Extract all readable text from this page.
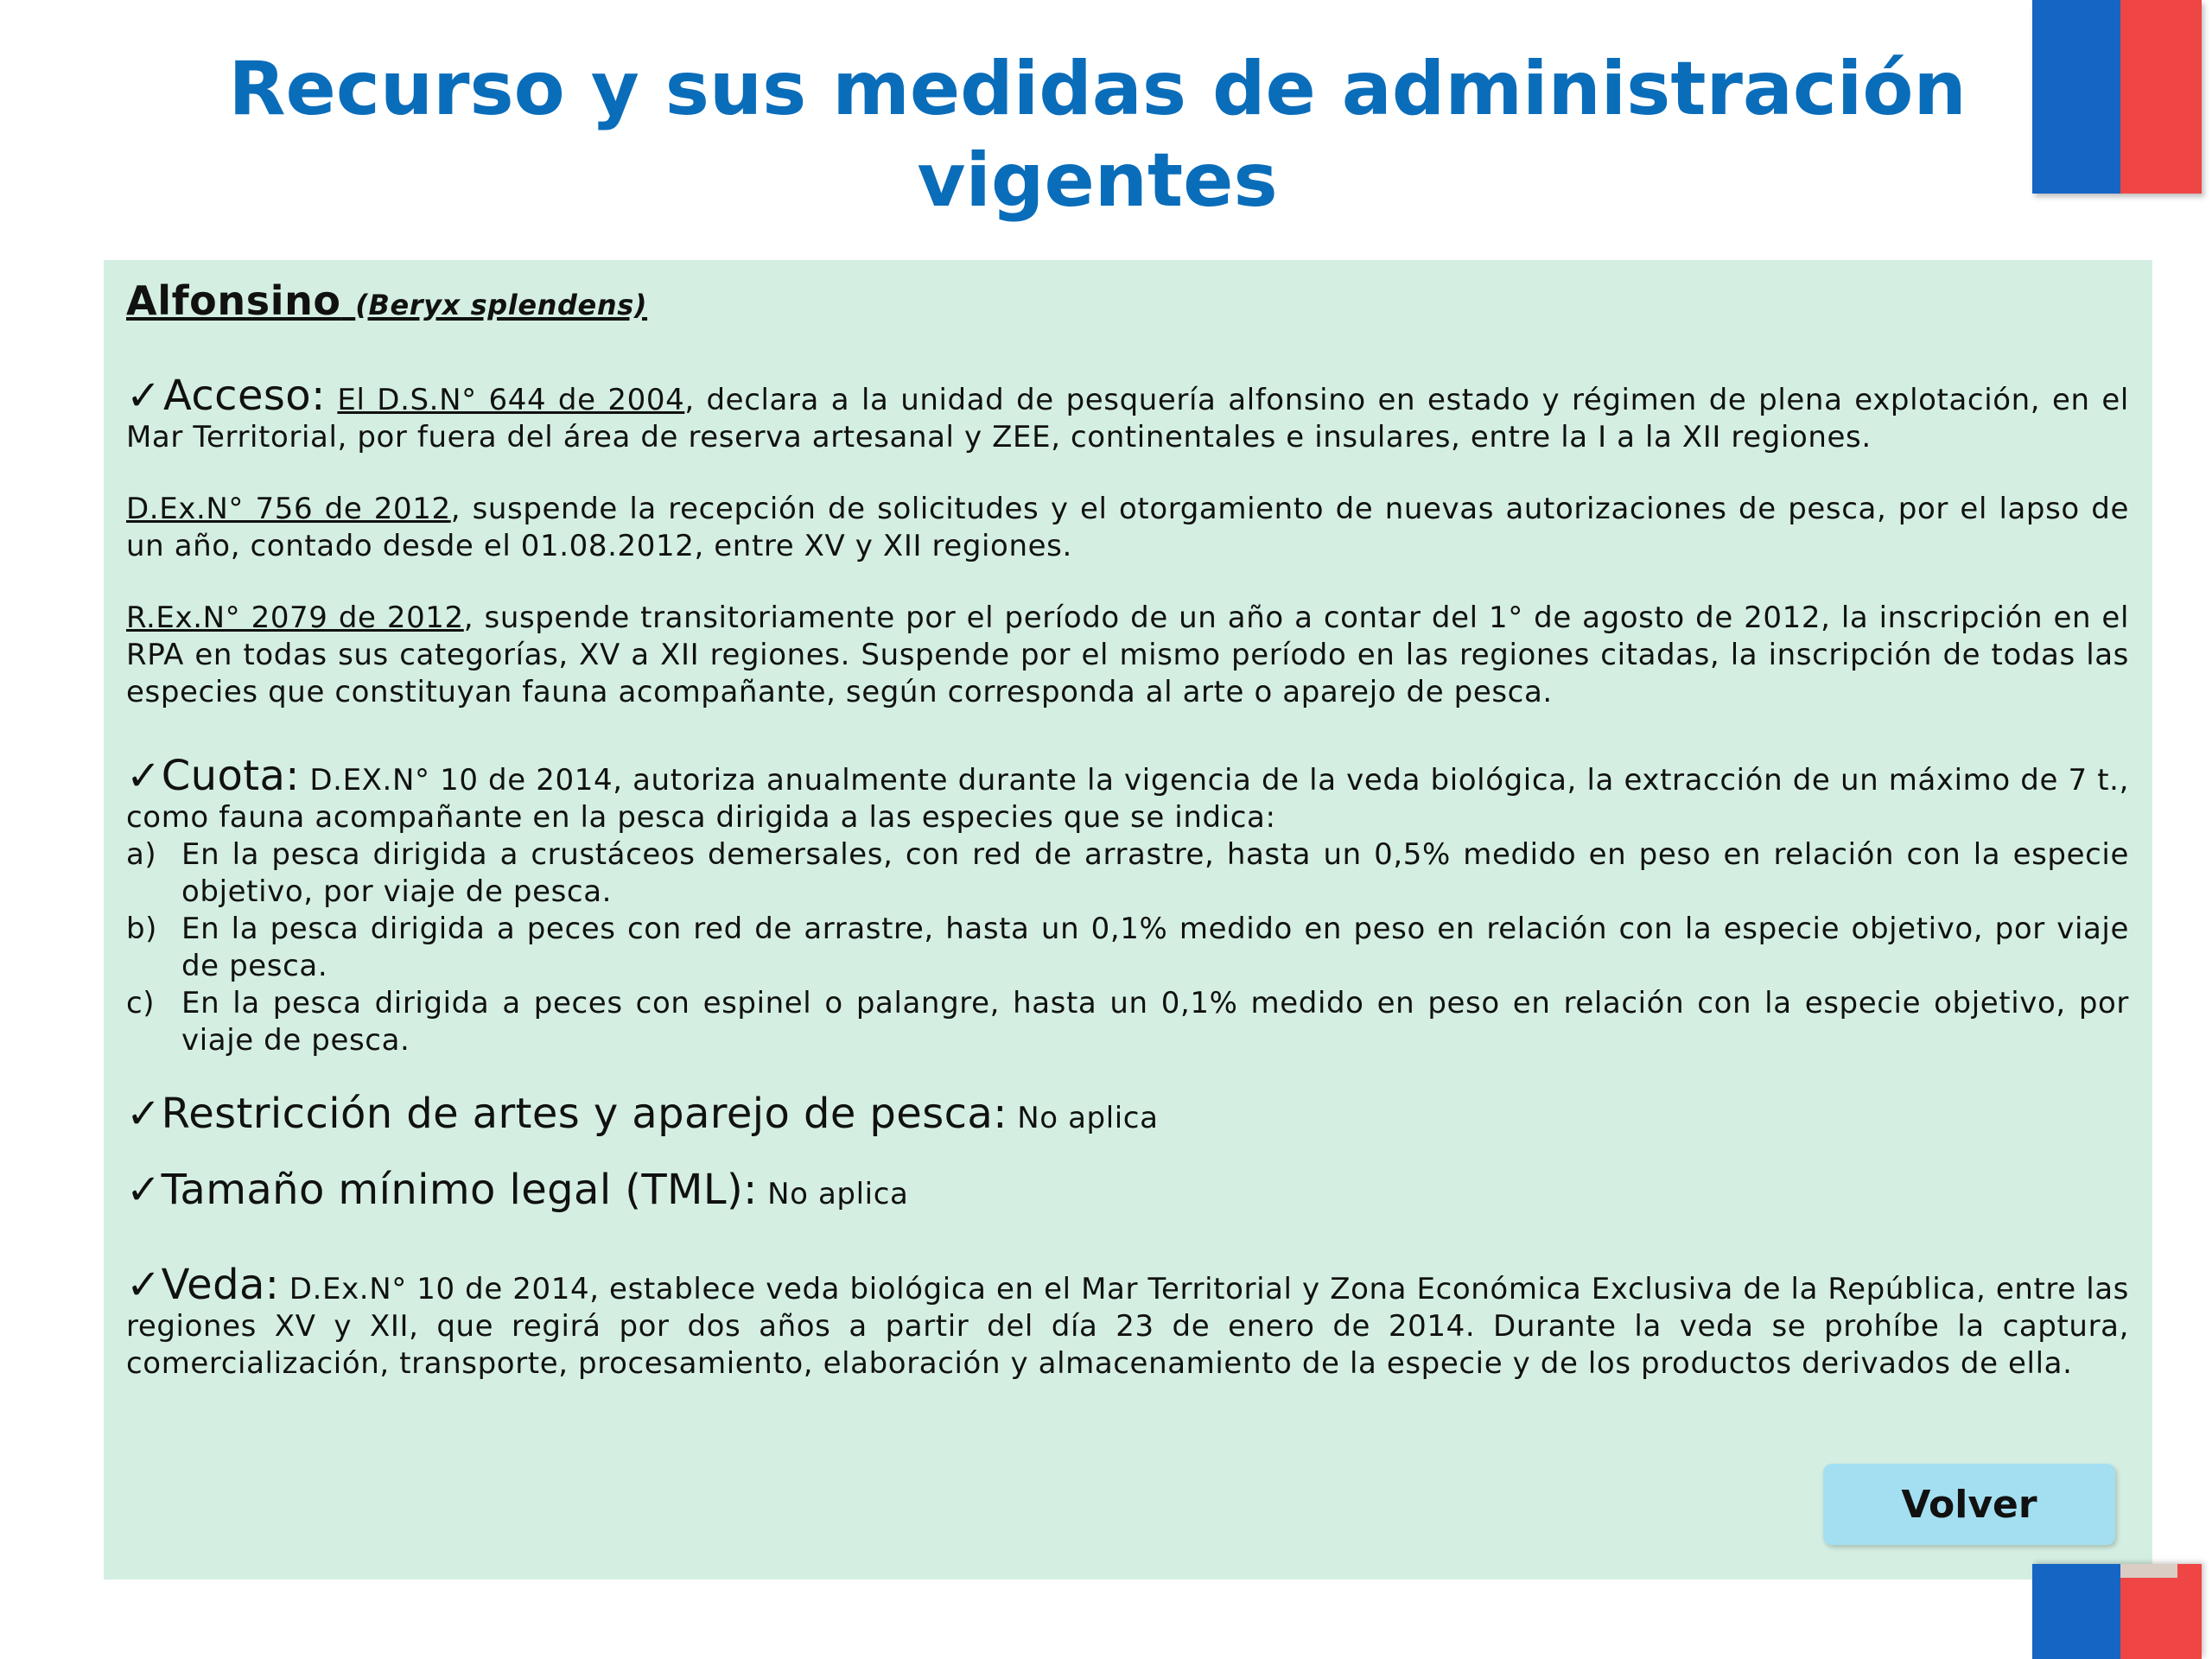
Recurso y sus medidas de administración
vigentes
Alfonsino (Beryx splendens)

✓Acceso: El D.S.N° 644 de 2004, declara a la unidad de pesquería alfonsino en estado y régimen de plena explotación, en el Mar Territorial, por fuera del área de reserva artesanal y ZEE, continentales e insulares, entre la I a la XII regiones.

D.Ex.N° 756 de 2012, suspende la recepción de solicitudes y el otorgamiento de nuevas autorizaciones de pesca, por el lapso de un año, contado desde el 01.08.2012, entre XV y XII regiones.

R.Ex.N° 2079 de 2012, suspende transitoriamente por el período de un año a contar del 1° de agosto de 2012, la inscripción en el RPA en todas sus categorías, XV a XII regiones. Suspende por el mismo período en las regiones citadas, la inscripción de todas las especies que constituyan fauna acompañante, según corresponda al arte o aparejo de pesca.

✓Cuota: D.EX.N° 10 de 2014, autoriza anualmente durante la vigencia de la veda biológica, la extracción de un máximo de 7 t., como fauna acompañante en la pesca dirigida a las especies que se indica:

a) En la pesca dirigida a crustáceos demersales, con red de arrastre, hasta un 0,5% medido en peso en relación con la especie objetivo, por viaje de pesca.
b) En la pesca dirigida a peces con red de arrastre, hasta un 0,1% medido en peso en relación con la especie objetivo, por viaje de pesca.
c) En la pesca dirigida a peces con espinel o palangre, hasta un 0,1% medido en peso en relación con la especie objetivo, por viaje de pesca.

✓Restricción de artes y aparejo de pesca: No aplica

✓Tamaño mínimo legal (TML): No aplica

✓Veda: D.Ex.N° 10 de 2014, establece veda biológica en el Mar Territorial y Zona Económica Exclusiva de la República, entre las regiones XV y XII, que regirá por dos años a partir del día 23 de enero de 2014. Durante la veda se prohíbe la captura, comercialización, transporte, procesamiento, elaboración y almacenamiento de la especie y de los productos derivados de ella.

Volver
